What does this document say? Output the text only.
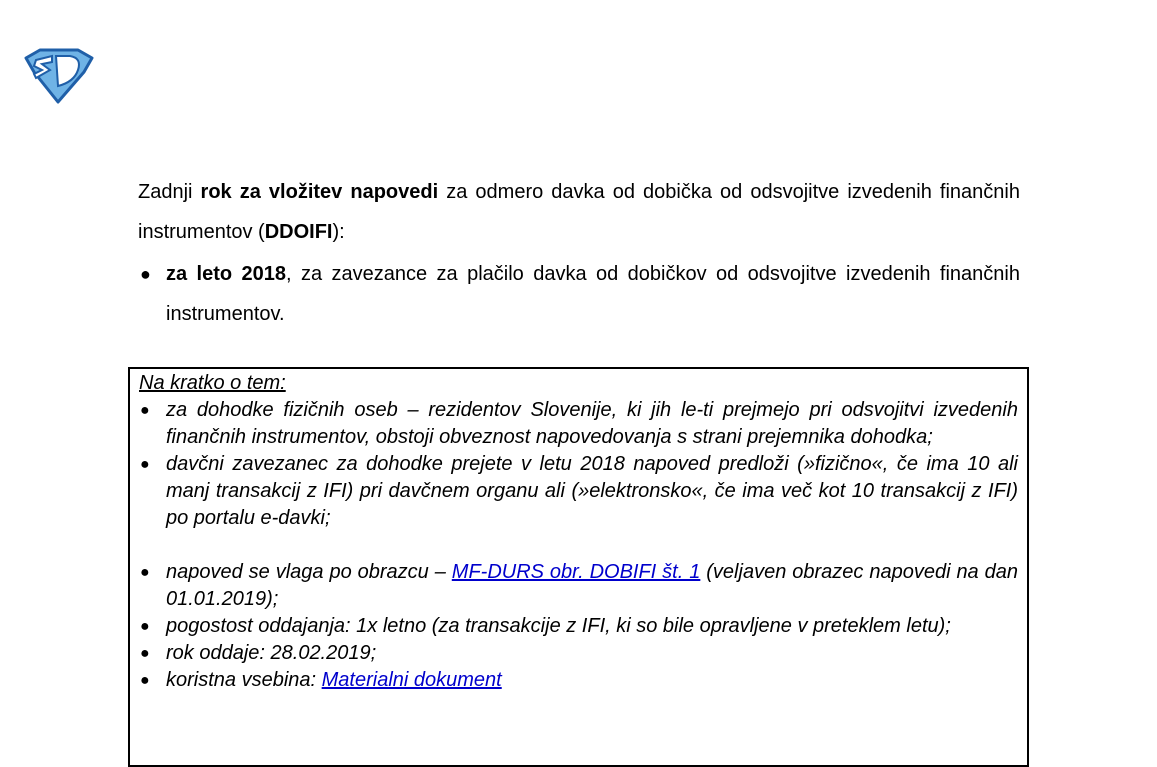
Zadnji rok za vložitev napovedi za odmero davka od dobička od odsvojitve izvedenih finančnih instrumentov (DDOIFI):
● za leto 2018, za zavezance za plačilo davka od dobičkov od odsvojitve izvedenih finančnih instrumentov.
Na kratko o tem:
● za dohodke fizičnih oseb – rezidentov Slovenije, ki jih le-ti prejmejo pri odsvojitvi izvedenih finančnih instrumentov, obstoji obveznost napovedovanja s strani prejemnika dohodka;
● davčni zavezanec za dohodke prejete v letu 2018 napoved predloži (»fizično«, če ima 10 ali manj transakcij z IFI) pri davčnem organu ali (»elektronsko«, če ima več kot 10 transakcij z IFI) po portalu e-davki;
● napoved se vlaga po obrazcu – MF-DURS obr. DOBIFI št. 1 (veljaven obrazec napovedi na dan 01.01.2019);
● pogostost oddajanja: 1x letno (za transakcije z IFI, ki so bile opravljene v preteklem letu);
● rok oddaje: 28.02.2019;
● koristna vsebina: Materialni dokument
